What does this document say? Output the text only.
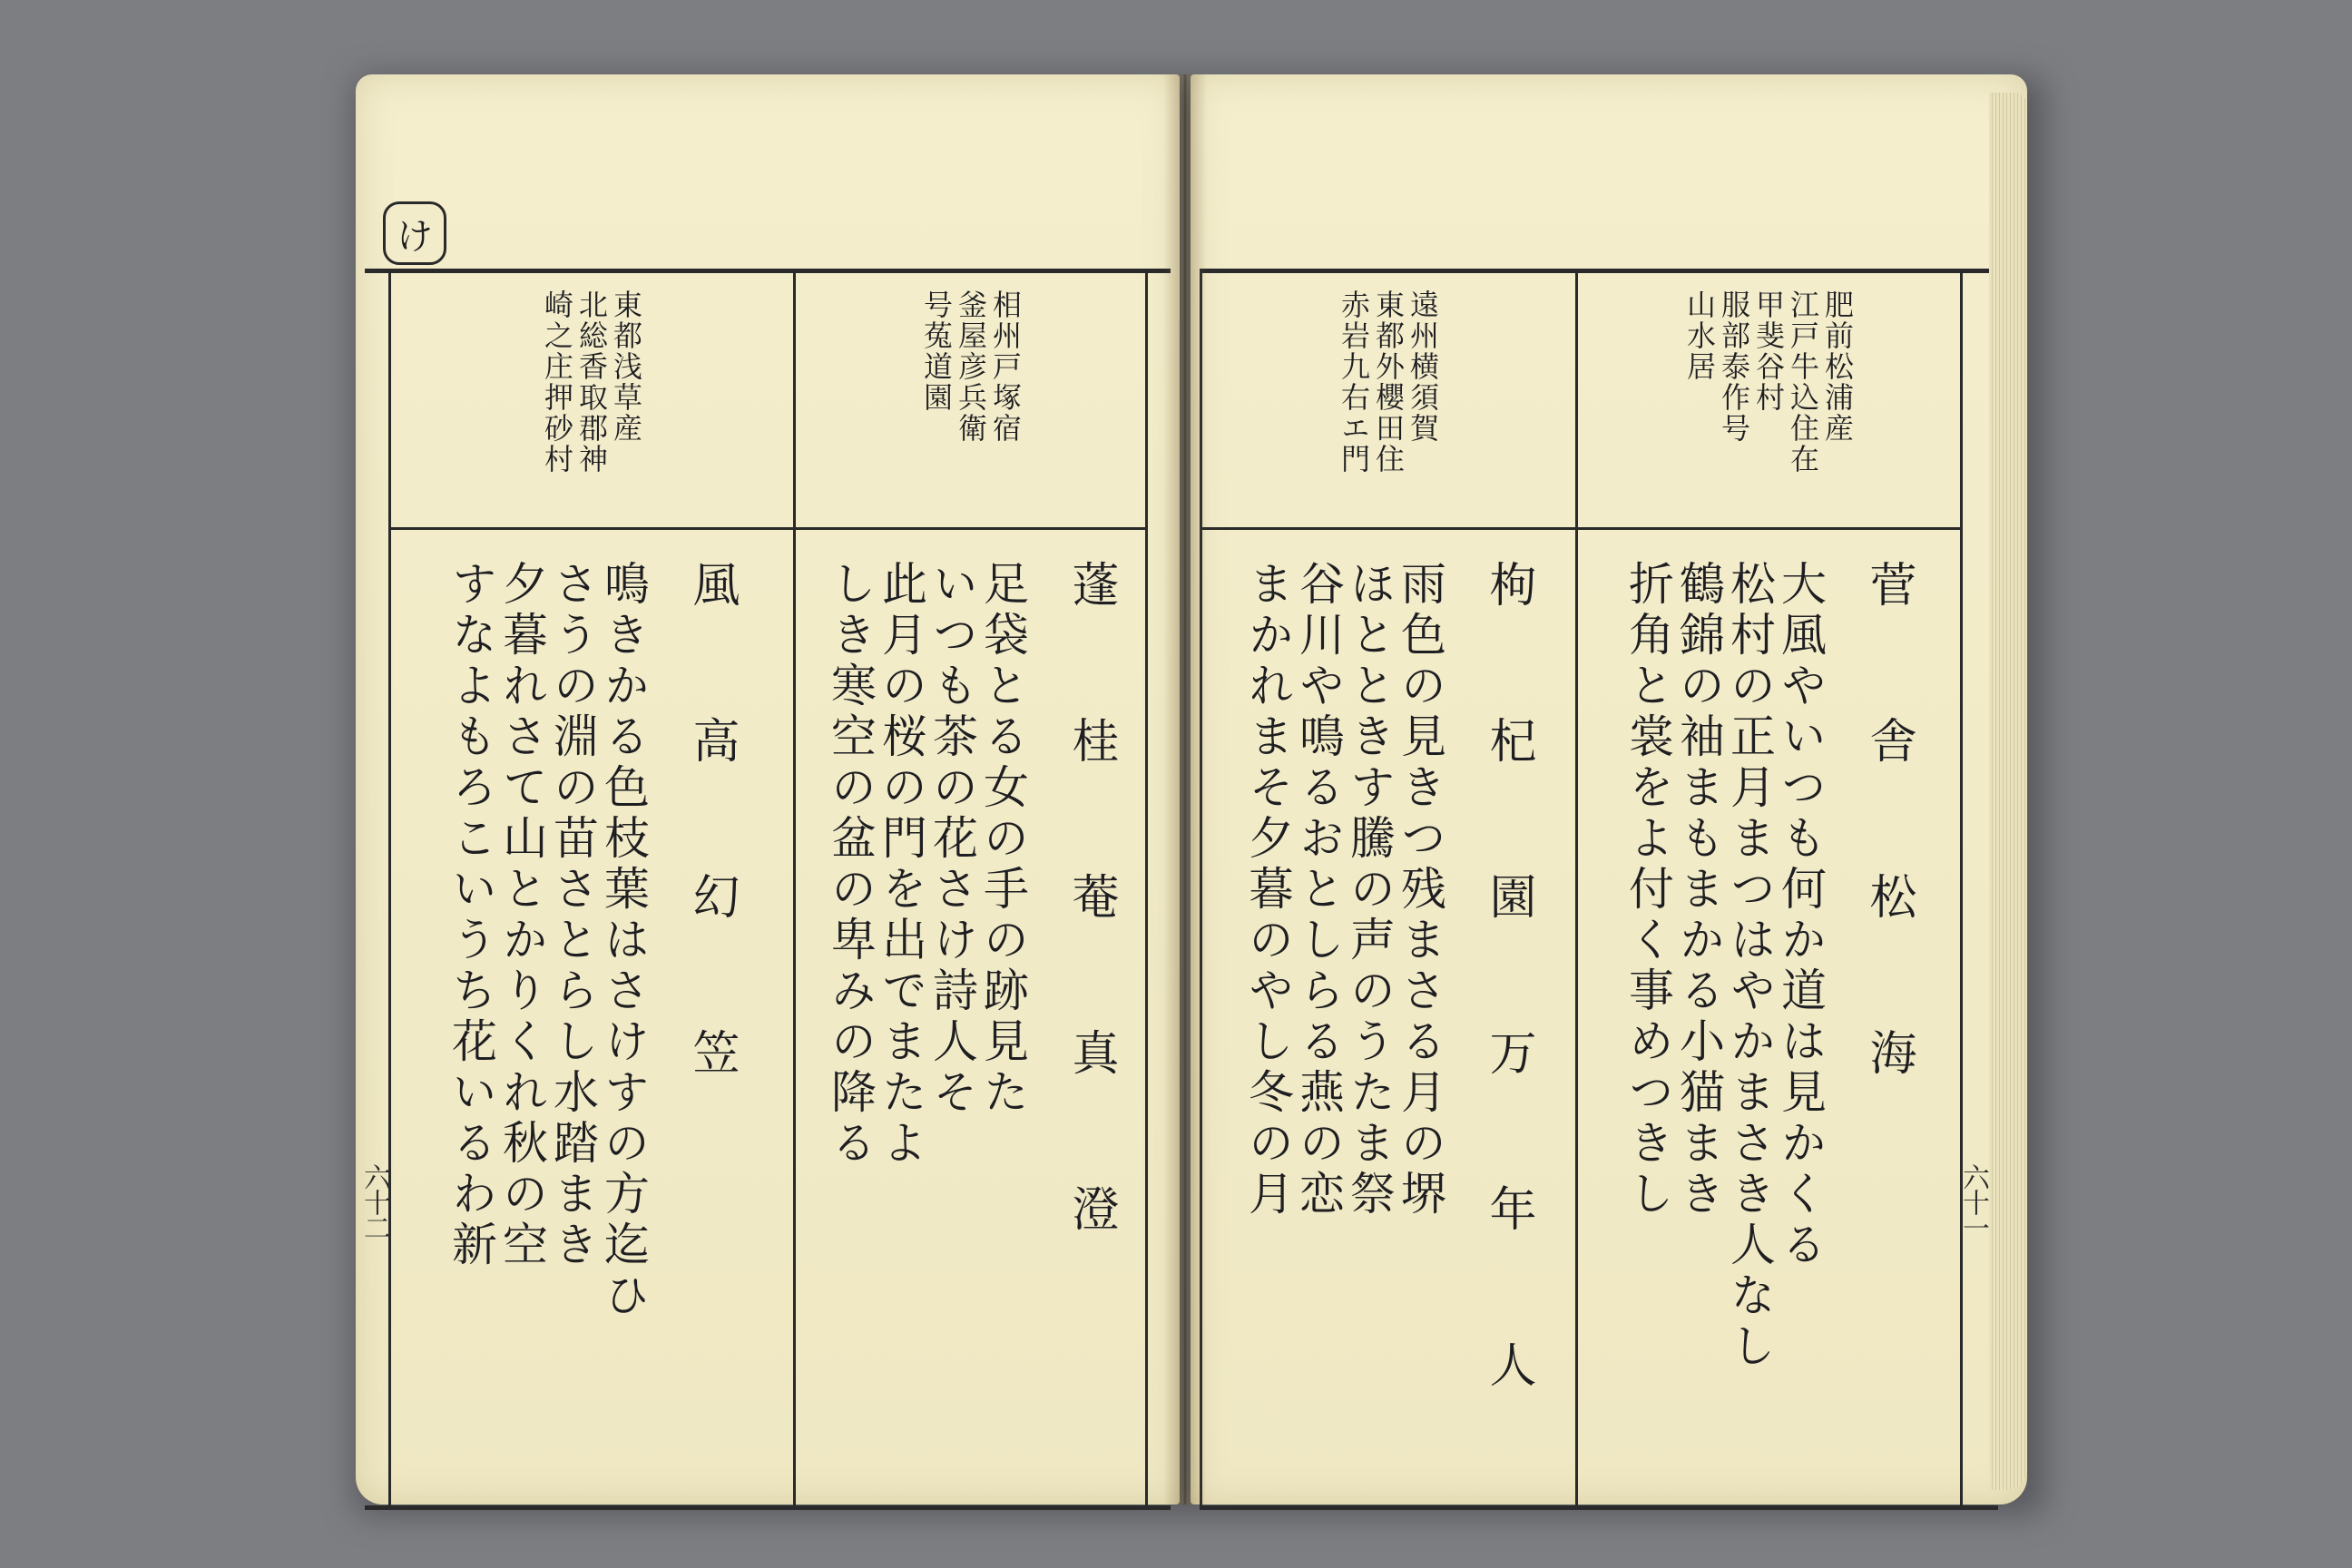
け
相州戸塚宿
釜屋彦兵衛
号菟道園
蓬 桂 菴 真 澄
足袋とる女の手の跡見た
いつも茶の花さけ詩人そ
此月の桜の門を出でまたよ
しき寒空の盆の卑みの降る
東都浅草産
北総香取郡神
崎之庄押砂村
風 高 幻 笠
鳴きかる色枝葉はさけすの方迄ひ
さうの淵の苗さとらし水踏まき
夕暮れさて山とかりくれ秋の空
すなよもろこいうち花いるわ新
六十二
肥前松浦産
江戸牛込住在
甲斐谷村
服部泰作号
山水居
菅 舎 松 海
大風やいつも何か道は見かくる
松村の正月まつはやかまさき人なし
鶴錦の袖まもまかる小猫まき
折角と裳をよ付く事めつきし
遠州横須賀
東都外櫻田住
赤岩九右エ門
枸 杞 園 万 年 人
雨色の見きつ残まさる月の堺
ほとときす騰の声のうたま祭
谷川や鳴るおとしらる燕の恋
まかれまそ夕暮のやし冬の月	六十一
